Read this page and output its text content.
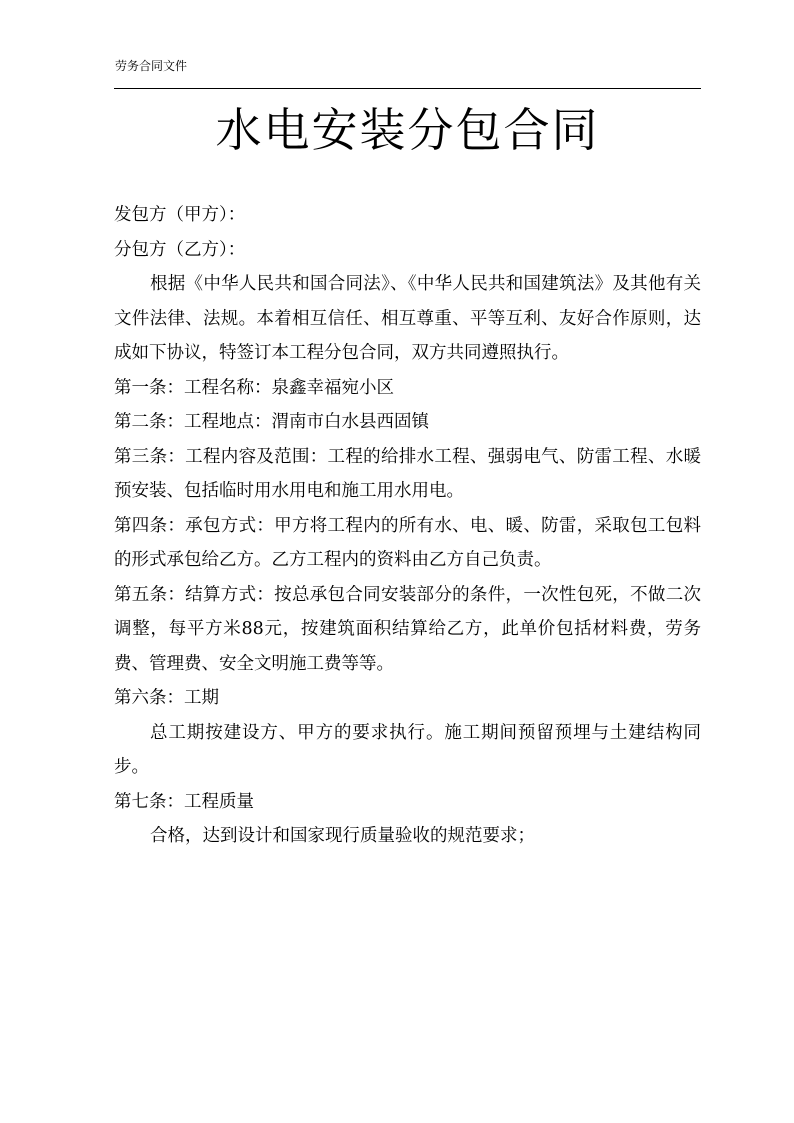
劳务合同文件
水电安装分包合同

发包方（甲方）：

分包方（乙方）：

根据《中华人民共和国合同法》、《中华人民共和国建筑法》及其他有关文件法律、法规。本着相互信任、相互尊重、平等互利、友好合作原则，达成如下协议，特签订本工程分包合同，双方共同遵照执行。

第一条：工程名称：泉鑫幸福宛小区

第二条：工程地点：渭南市白水县西固镇

第三条：工程内容及范围：工程的给排水工程、强弱电气、防雷工程、水暖预安装、包括临时用水用电和施工用水用电。

第四条：承包方式：甲方将工程内的所有水、电、暖、防雷，采取包工包料的形式承包给乙方。乙方工程内的资料由乙方自己负责。

第五条：结算方式：按总承包合同安装部分的条件，一次性包死，不做二次调整，每平方米88元，按建筑面积结算给乙方，此单价包括材料费，劳务费、管理费、安全文明施工费等等。

第六条：工期

总工期按建设方、甲方的要求执行。施工期间预留预埋与土建结构同步。

第七条：工程质量

合格，达到设计和国家现行质量验收的规范要求；
